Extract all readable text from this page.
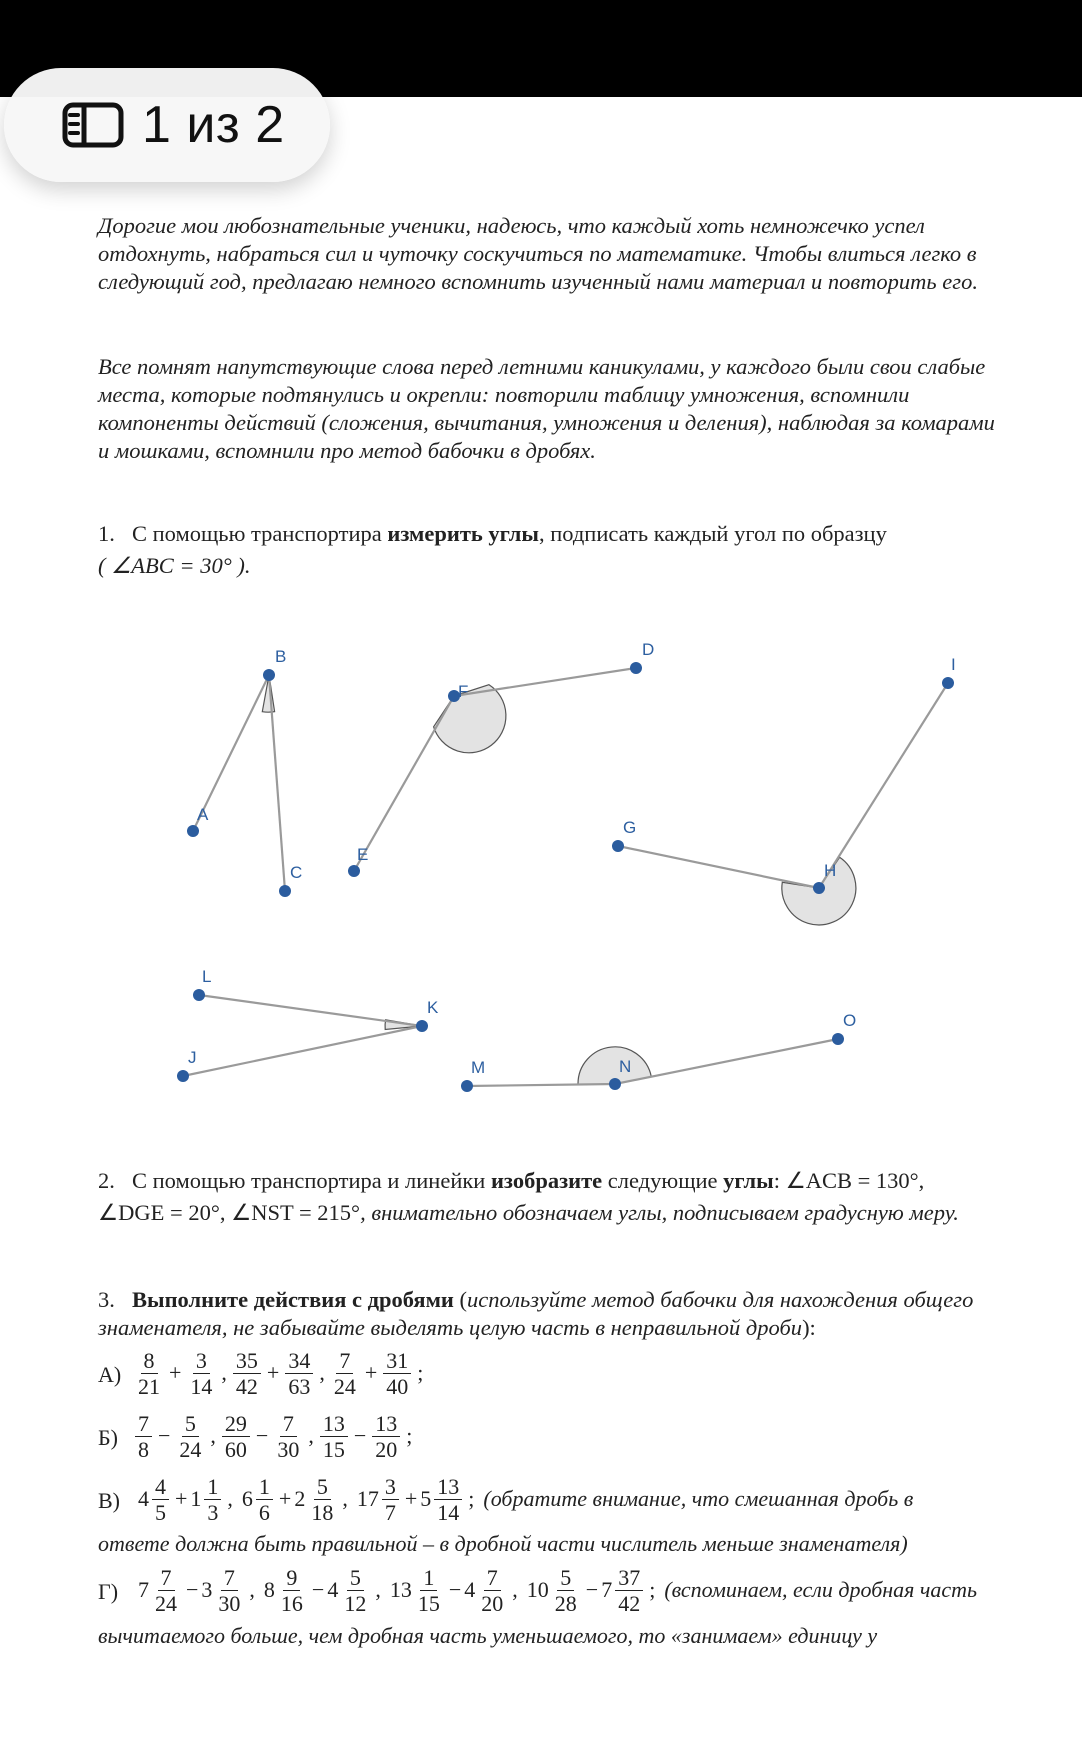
1 из 2
Дорогие мои любознательные ученики, надеюсь, что каждый хоть немножечко успел отдохнуть, набраться сил и чуточку соскучиться по математике. Чтобы влиться легко в следующий год, предлагаю немного вспомнить изученный нами материал и повторить его.
Все помнят напутствующие слова перед летними каникулами, у каждого были свои слабые места, которые подтянулись и окрепли: повторили таблицу умножения, вспомнили компоненты действий (сложения, вычитания, умножения и деления), наблюдая за комарами и мошками, вспомнили про метод бабочки в дробях.
1. С помощью транспортира измерить углы, подписать каждый угол по образцу
( ∠ABC = 30° ).
B
A
C
D
F
E
I
G
H
L
K
J
O
M	N
2. С помощью транспортира и линейки изобразите следующие углы: ∠ACB = 130°,
∠DGE = 20°, ∠NST = 215°, внимательно обозначаем углы, подписываем градусную меру.
3. Выполните действия с дробями (используйте метод бабочки для нахождения общего знаменателя, не забывайте выделять целую часть в неправильной дроби):
$А) \frac{8}{21} + \frac{3}{14}$ , $\frac{35}{42} + \frac{34}{63}$ , $\frac{7}{24} + \frac{31}{40}$ ;
$Б) \frac{7}{8} - \frac{5}{24}$ , $\frac{29}{60} - \frac{7}{30}$ , $\frac{13}{15} - \frac{13}{20}$ ;
В) $4 \frac{4}{5} + 1 \frac{1}{3}$ , $6 \frac{1}{6} + 2 \frac{5}{18}$ , $17 \frac{3}{7} + 5 \frac{13}{14}$ ; (обратите внимание, что смешанная дробь в
ответе должна быть правильной – в дробной части числитель меньше знаменателя)
Г) $7 \frac{7}{24} - 3 \frac{7}{30}$ , $8 \frac{9}{16} - 4 \frac{5}{12}$ , $13 \frac{1}{15} - 4 \frac{7}{20}$ , $10 \frac{5}{28} - 7 \frac{37}{42}$ ; (вспоминаем, если дробная часть
вычитаемого больше, чем дробная часть уменьшаемого, то «занимаем» единицу у
